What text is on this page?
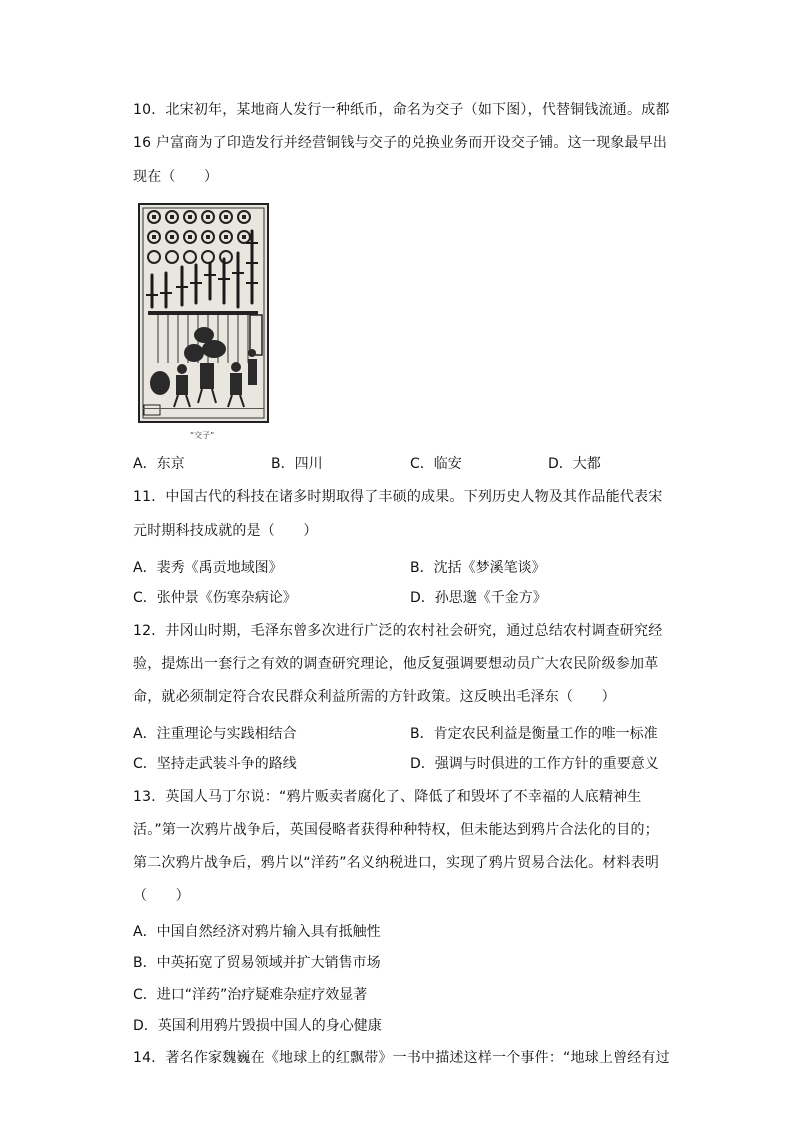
10．北宋初年，某地商人发行一种纸币，命名为交子（如下图），代替铜钱流通。成都
16 户富商为了印造发行并经营铜钱与交子的兑换业务而开设交子铺。这一现象最早出
现在（　　）
“交子”
A．东京	B．四川	C．临安	D．大都
11．中国古代的科技在诸多时期取得了丰硕的成果。下列历史人物及其作品能代表宋
元时期科技成就的是（　　）
A．裴秀《禹贡地域图》	B．沈括《梦溪笔谈》
C．张仲景《伤寒杂病论》	D．孙思邈《千金方》
12．井冈山时期，毛泽东曾多次进行广泛的农村社会研究，通过总结农村调查研究经
验，提炼出一套行之有效的调查研究理论，他反复强调要想动员广大农民阶级参加革
命，就必须制定符合农民群众利益所需的方针政策。这反映出毛泽东（　　）
A．注重理论与实践相结合	B．肯定农民利益是衡量工作的唯一标准
C．坚持走武装斗争的路线	D．强调与时俱进的工作方针的重要意义
13．英国人马丁尔说：“鸦片贩卖者腐化了、降低了和毁坏了不幸福的人底精神生
活。”第一次鸦片战争后，英国侵略者获得种种特权，但未能达到鸦片合法化的目的；
第二次鸦片战争后，鸦片以“洋药”名义纳税进口，实现了鸦片贸易合法化。材料表明
（　　）
A．中国自然经济对鸦片输入具有抵触性
B．中英拓宽了贸易领域并扩大销售市场
C．进口“洋药”治疗疑难杂症疗效显著
D．英国利用鸦片毁损中国人的身心健康
14．著名作家魏巍在《地球上的红飘带》一书中描述这样一个事件：“地球上曾经有过
